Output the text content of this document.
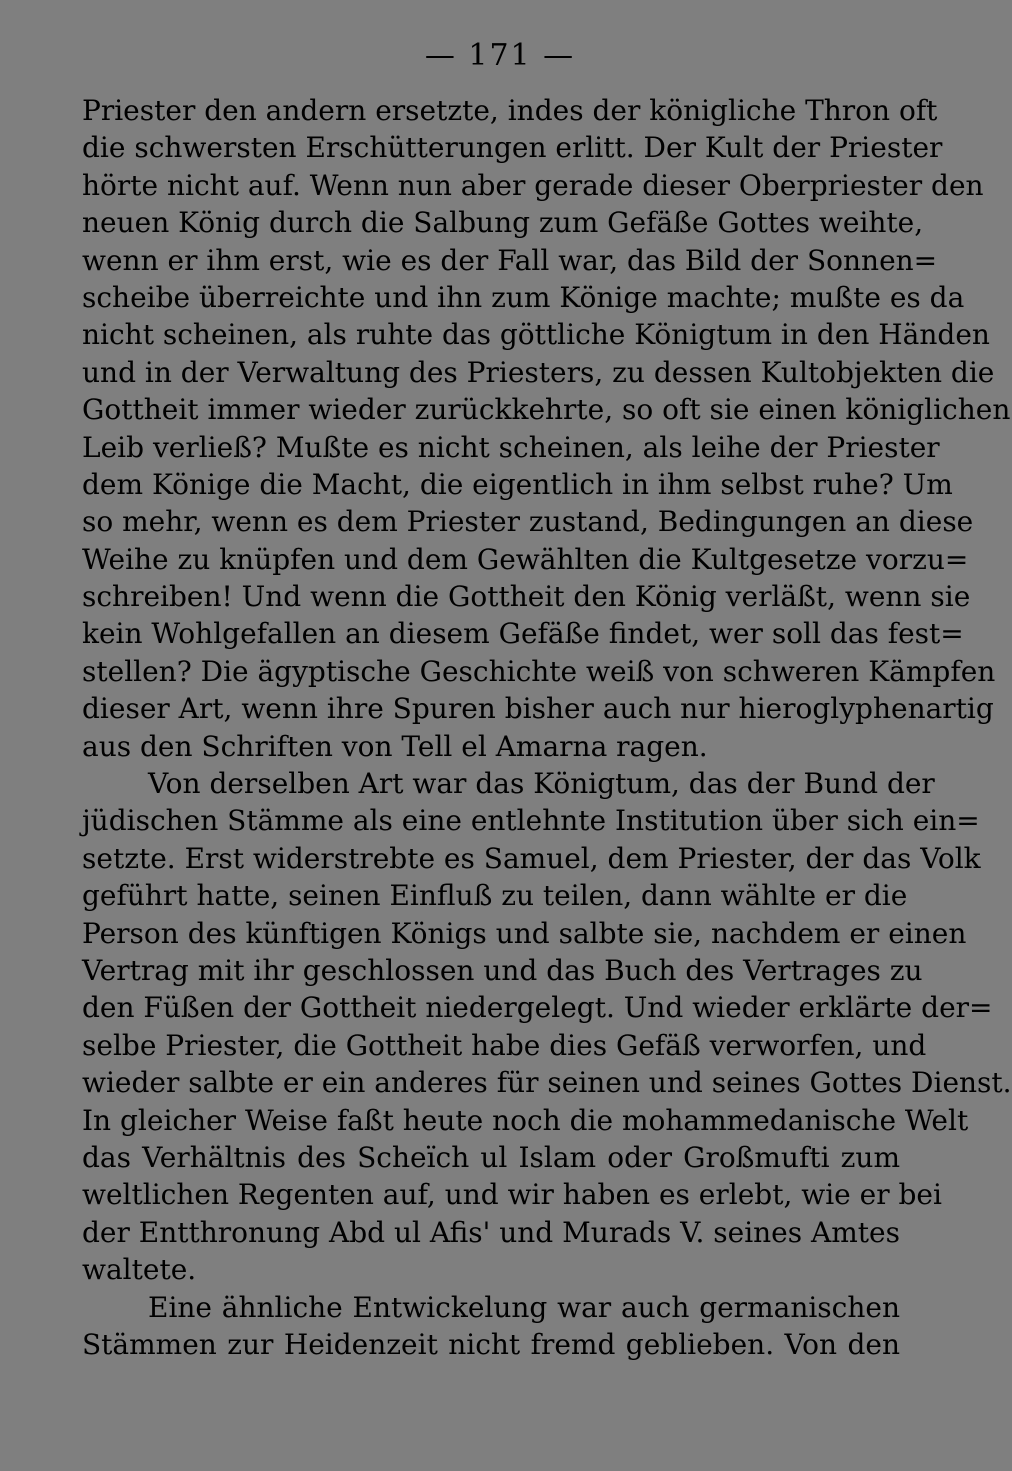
— 171 —
Priester den andern ersetzte, indes der königliche Thron oft
die schwersten Erschütterungen erlitt. Der Kult der Priester
hörte nicht auf. Wenn nun aber gerade dieser Oberpriester den
neuen König durch die Salbung zum Gefäße Gottes weihte,
wenn er ihm erst, wie es der Fall war, das Bild der Sonnen=
scheibe überreichte und ihn zum Könige machte; mußte es da
nicht scheinen, als ruhte das göttliche Königtum in den Händen
und in der Verwaltung des Priesters, zu dessen Kultobjekten die
Gottheit immer wieder zurückkehrte, so oft sie einen königlichen
Leib verließ? Mußte es nicht scheinen, als leihe der Priester
dem Könige die Macht, die eigentlich in ihm selbst ruhe? Um
so mehr, wenn es dem Priester zustand, Bedingungen an diese
Weihe zu knüpfen und dem Gewählten die Kultgesetze vorzu=
schreiben! Und wenn die Gottheit den König verläßt, wenn sie
kein Wohlgefallen an diesem Gefäße findet, wer soll das fest=
stellen? Die ägyptische Geschichte weiß von schweren Kämpfen
dieser Art, wenn ihre Spuren bisher auch nur hieroglyphenartig
aus den Schriften von Tell el Amarna ragen.
Von derselben Art war das Königtum, das der Bund der
jüdischen Stämme als eine entlehnte Institution über sich ein=
setzte. Erst widerstrebte es Samuel, dem Priester, der das Volk
geführt hatte, seinen Einfluß zu teilen, dann wählte er die
Person des künftigen Königs und salbte sie, nachdem er einen
Vertrag mit ihr geschlossen und das Buch des Vertrages zu
den Füßen der Gottheit niedergelegt. Und wieder erklärte der=
selbe Priester, die Gottheit habe dies Gefäß verworfen, und
wieder salbte er ein anderes für seinen und seines Gottes Dienst.
In gleicher Weise faßt heute noch die mohammedanische Welt
das Verhältnis des Scheïch ul Islam oder Großmufti zum
weltlichen Regenten auf, und wir haben es erlebt, wie er bei
der Entthronung Abd ul Afis' und Murads V. seines Amtes
waltete.
Eine ähnliche Entwickelung war auch germanischen
Stämmen zur Heidenzeit nicht fremd geblieben. Von den
